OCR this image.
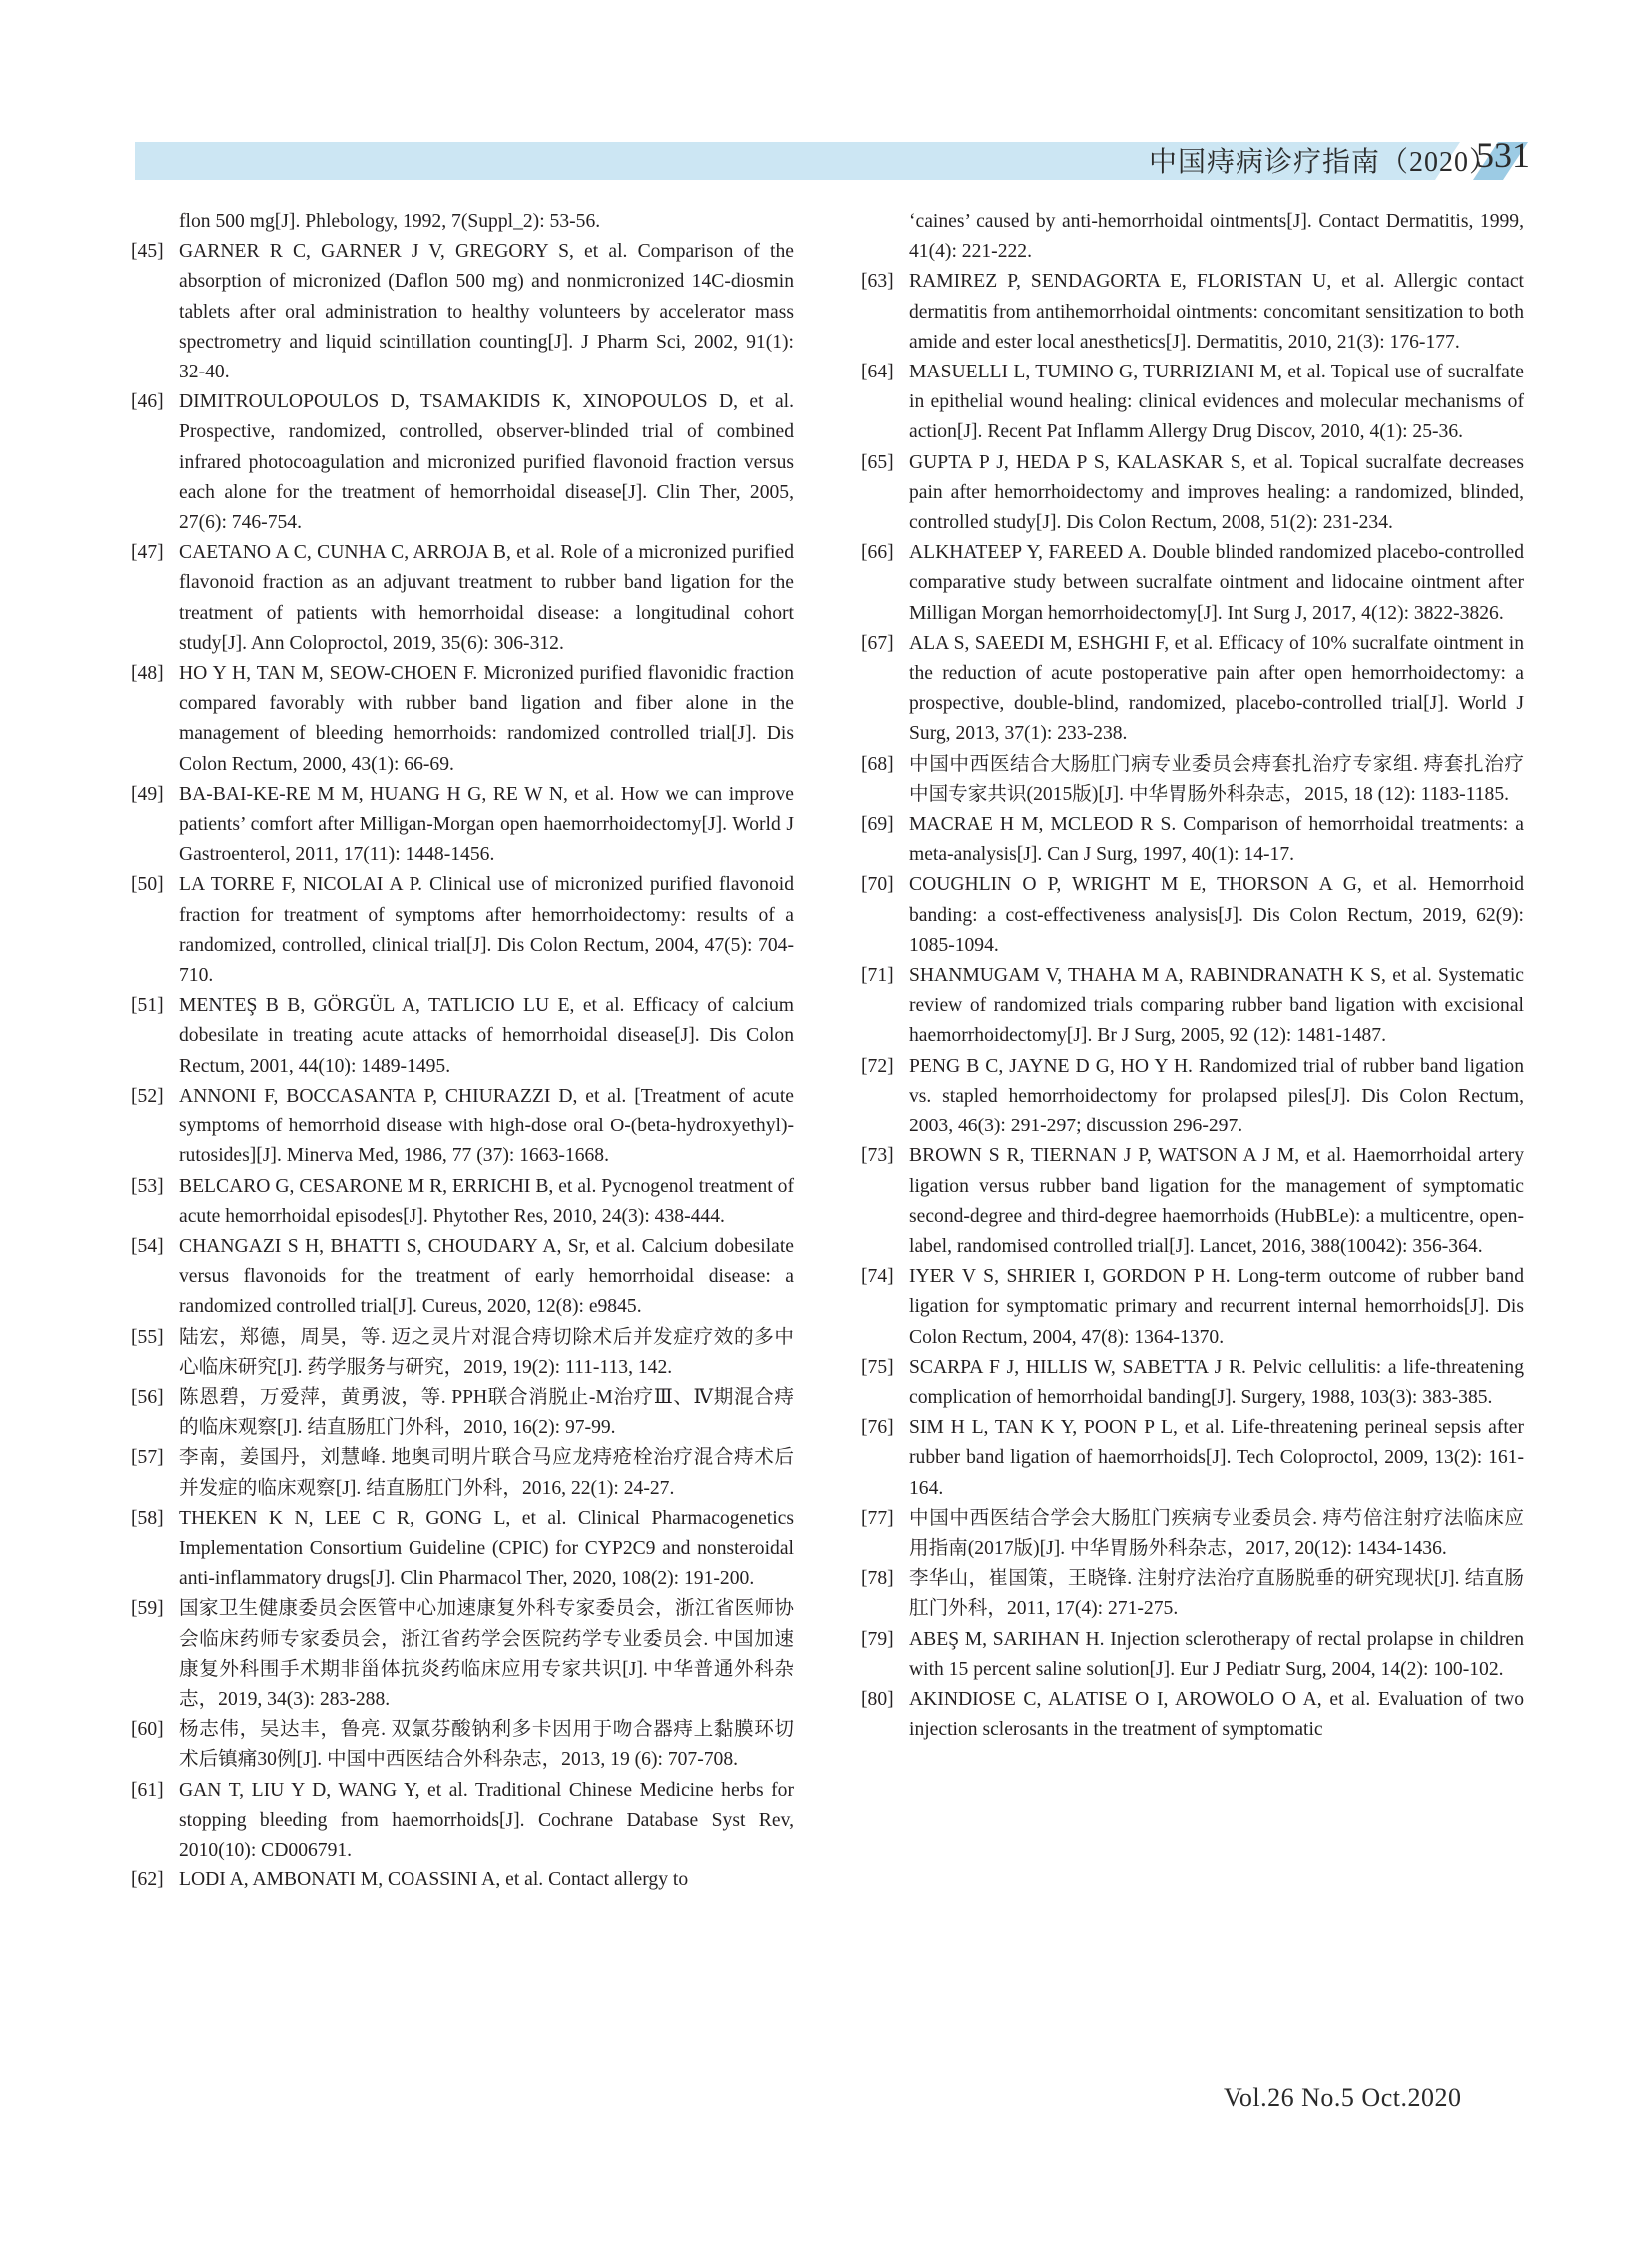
中国痔病诊疗指南（2020）
531
flon 500 mg[J]. Phlebology, 1992, 7(Suppl_2): 53-56.
[45] GARNER R C, GARNER J V, GREGORY S, et al. Comparison of the absorption of micronized (Daflon 500 mg) and nonmicronized 14C-diosmin tablets after oral administration to healthy volunteers by accelerator mass spectrometry and liquid scintillation counting[J]. J Pharm Sci, 2002, 91(1): 32-40.
[46] DIMITROULOPOULOS D, TSAMAKIDIS K, XINOPOULOS D, et al. Prospective, randomized, controlled, observer-blinded trial of combined infrared photocoagulation and micronized purified flavonoid fraction versus each alone for the treatment of hemorrhoidal disease[J]. Clin Ther, 2005, 27(6): 746-754.
[47] CAETANO A C, CUNHA C, ARROJA B, et al. Role of a micronized purified flavonoid fraction as an adjuvant treatment to rubber band ligation for the treatment of patients with hemorrhoidal disease: a longitudinal cohort study[J]. Ann Coloproctol, 2019, 35(6): 306-312.
[48] HO Y H, TAN M, SEOW-CHOEN F. Micronized purified flavonidic fraction compared favorably with rubber band ligation and fiber alone in the management of bleeding hemorrhoids: randomized controlled trial[J]. Dis Colon Rectum, 2000, 43(1): 66-69.
[49] BA-BAI-KE-RE M M, HUANG H G, RE W N, et al. How we can improve patients’ comfort after Milligan-Morgan open haemorrhoidectomy[J]. World J Gastroenterol, 2011, 17(11): 1448-1456.
[50] LA TORRE F, NICOLAI A P. Clinical use of micronized purified flavonoid fraction for treatment of symptoms after hemorrhoidectomy: results of a randomized, controlled, clinical trial[J]. Dis Colon Rectum, 2004, 47(5): 704-710.
[51] MENTEŞ B B, GÖRGÜL A, TATLICIO LU E, et al. Efficacy of calcium dobesilate in treating acute attacks of hemorrhoidal disease[J]. Dis Colon Rectum, 2001, 44(10): 1489-1495.
[52] ANNONI F, BOCCASANTA P, CHIURAZZI D, et al. [Treatment of acute symptoms of hemorrhoid disease with high-dose oral O-(beta-hydroxyethyl)-rutosides][J]. Minerva Med, 1986, 77 (37): 1663-1668.
[53] BELCARO G, CESARONE M R, ERRICHI B, et al. Pycnogenol treatment of acute hemorrhoidal episodes[J]. Phytother Res, 2010, 24(3): 438-444.
[54] CHANGAZI S H, BHATTI S, CHOUDARY A, Sr, et al. Calcium dobesilate versus flavonoids for the treatment of early hemorrhoidal disease: a randomized controlled trial[J]. Cureus, 2020, 12(8): e9845.
[55] 陆宏，郑德，周昊，等. 迈之灵片对混合痔切除术后并发症疗效的多中心临床研究[J]. 药学服务与研究，2019, 19(2): 111-113, 142.
[56] 陈恩碧，万爱萍，黄勇波，等. PPH联合消脱止-M治疗Ⅲ、Ⅳ期混合痔的临床观察[J]. 结直肠肛门外科，2010, 16(2): 97-99.
[57] 李南，姜国丹，刘慧峰. 地奥司明片联合马应龙痔疮栓治疗混合痔术后并发症的临床观察[J]. 结直肠肛门外科，2016, 22(1): 24-27.
[58] THEKEN K N, LEE C R, GONG L, et al. Clinical Pharmacogenetics Implementation Consortium Guideline (CPIC) for CYP2C9 and nonsteroidal anti-inflammatory drugs[J]. Clin Pharmacol Ther, 2020, 108(2): 191-200.
[59] 国家卫生健康委员会医管中心加速康复外科专家委员会，浙江省医师协会临床药师专家委员会，浙江省药学会医院药学专业委员会. 中国加速康复外科围手术期非甾体抗炎药临床应用专家共识[J]. 中华普通外科杂志，2019, 34(3): 283-288.
[60] 杨志伟，吴达丰，鲁亮. 双氯芬酸钠利多卡因用于吻合器痔上黏膜环切术后镇痛30例[J]. 中国中西医结合外科杂志，2013, 19 (6): 707-708.
[61] GAN T, LIU Y D, WANG Y, et al. Traditional Chinese Medicine herbs for stopping bleeding from haemorrhoids[J]. Cochrane Database Syst Rev, 2010(10): CD006791.
[62] LODI A, AMBONATI M, COASSINI A, et al. Contact allergy to
‘caines’ caused by anti-hemorrhoidal ointments[J]. Contact Dermatitis, 1999, 41(4): 221-222.
[63] RAMIREZ P, SENDAGORTA E, FLORISTAN U, et al. Allergic contact dermatitis from antihemorrhoidal ointments: concomitant sensitization to both amide and ester local anesthetics[J]. Dermatitis, 2010, 21(3): 176-177.
[64] MASUELLI L, TUMINO G, TURRIZIANI M, et al. Topical use of sucralfate in epithelial wound healing: clinical evidences and molecular mechanisms of action[J]. Recent Pat Inflamm Allergy Drug Discov, 2010, 4(1): 25-36.
[65] GUPTA P J, HEDA P S, KALASKAR S, et al. Topical sucralfate decreases pain after hemorrhoidectomy and improves healing: a randomized, blinded, controlled study[J]. Dis Colon Rectum, 2008, 51(2): 231-234.
[66] ALKHATEEP Y, FAREED A. Double blinded randomized placebo-controlled comparative study between sucralfate ointment and lidocaine ointment after Milligan Morgan hemorrhoidectomy[J]. Int Surg J, 2017, 4(12): 3822-3826.
[67] ALA S, SAEEDI M, ESHGHI F, et al. Efficacy of 10% sucralfate ointment in the reduction of acute postoperative pain after open hemorrhoidectomy: a prospective, double-blind, randomized, placebo-controlled trial[J]. World J Surg, 2013, 37(1): 233-238.
[68] 中国中西医结合大肠肛门病专业委员会痔套扎治疗专家组. 痔套扎治疗中国专家共识(2015版)[J]. 中华胃肠外科杂志，2015, 18 (12): 1183-1185.
[69] MACRAE H M, MCLEOD R S. Comparison of hemorrhoidal treatments: a meta-analysis[J]. Can J Surg, 1997, 40(1): 14-17.
[70] COUGHLIN O P, WRIGHT M E, THORSON A G, et al. Hemorrhoid banding: a cost-effectiveness analysis[J]. Dis Colon Rectum, 2019, 62(9): 1085-1094.
[71] SHANMUGAM V, THAHA M A, RABINDRANATH K S, et al. Systematic review of randomized trials comparing rubber band ligation with excisional haemorrhoidectomy[J]. Br J Surg, 2005, 92 (12): 1481-1487.
[72] PENG B C, JAYNE D G, HO Y H. Randomized trial of rubber band ligation vs. stapled hemorrhoidectomy for prolapsed piles[J]. Dis Colon Rectum, 2003, 46(3): 291-297; discussion 296-297.
[73] BROWN S R, TIERNAN J P, WATSON A J M, et al. Haemorrhoidal artery ligation versus rubber band ligation for the management of symptomatic second-degree and third-degree haemorrhoids (HubBLe): a multicentre, open-label, randomised controlled trial[J]. Lancet, 2016, 388(10042): 356-364.
[74] IYER V S, SHRIER I, GORDON P H. Long-term outcome of rubber band ligation for symptomatic primary and recurrent internal hemorrhoids[J]. Dis Colon Rectum, 2004, 47(8): 1364-1370.
[75] SCARPA F J, HILLIS W, SABETTA J R. Pelvic cellulitis: a life-threatening complication of hemorrhoidal banding[J]. Surgery, 1988, 103(3): 383-385.
[76] SIM H L, TAN K Y, POON P L, et al. Life-threatening perineal sepsis after rubber band ligation of haemorrhoids[J]. Tech Coloproctol, 2009, 13(2): 161-164.
[77] 中国中西医结合学会大肠肛门疾病专业委员会. 痔芍倍注射疗法临床应用指南(2017版)[J]. 中华胃肠外科杂志，2017, 20(12): 1434-1436.
[78] 李华山，崔国策，王晓锋. 注射疗法治疗直肠脱垂的研究现状[J]. 结直肠肛门外科，2011, 17(4): 271-275.
[79] ABEŞ M, SARIHAN H. Injection sclerotherapy of rectal prolapse in children with 15 percent saline solution[J]. Eur J Pediatr Surg, 2004, 14(2): 100-102.
[80] AKINDIOSE C, ALATISE O I, AROWOLO O A, et al. Evaluation of two injection sclerosants in the treatment of symptomatic
Vol.26 No.5 Oct.2020
